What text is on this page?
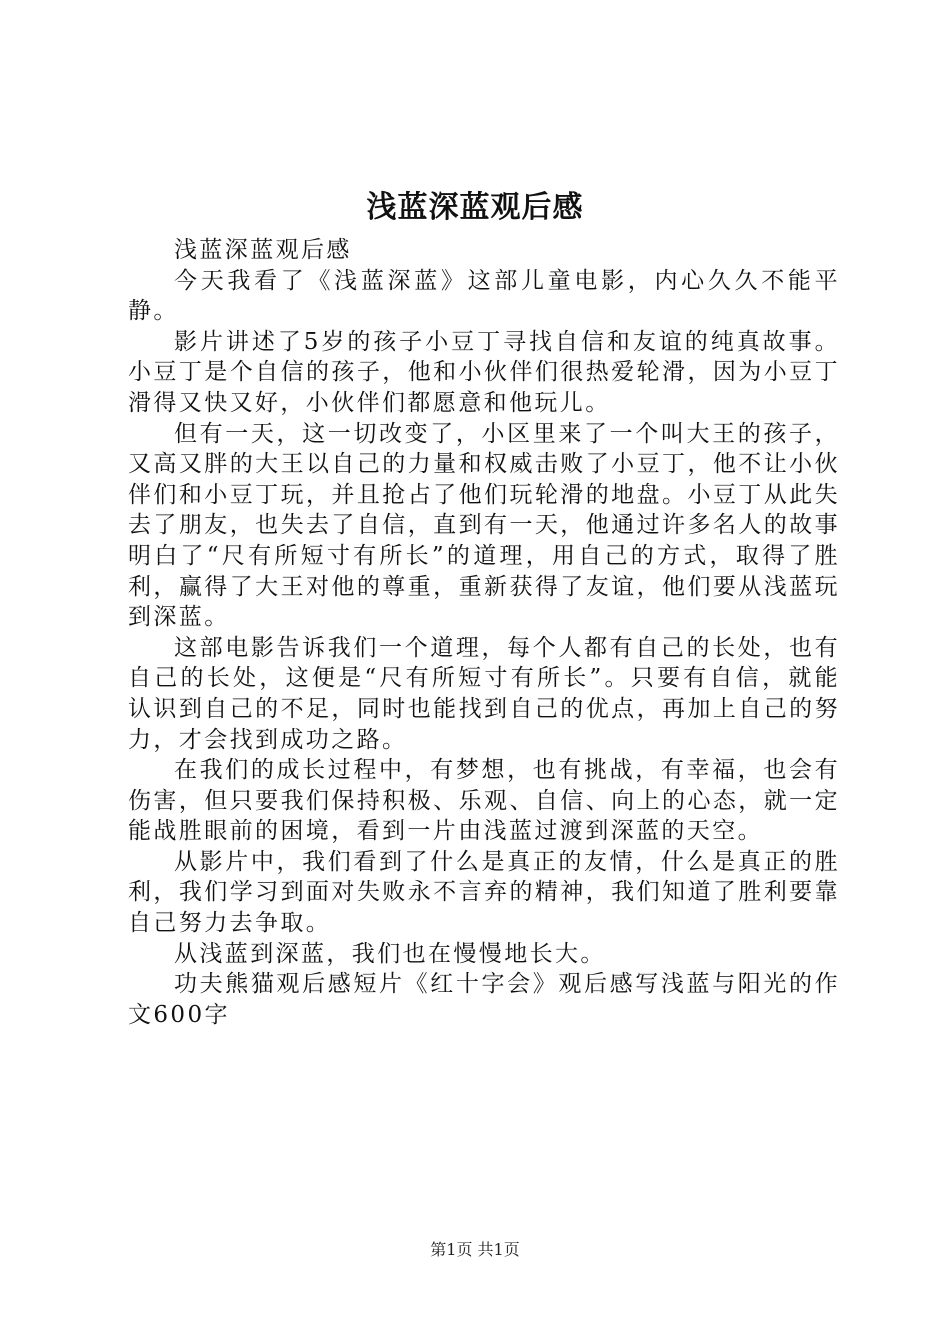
浅蓝深蓝观后感

浅蓝深蓝观后感

今天我看了《浅蓝深蓝》这部儿童电影，内心久久不能平静。

影片讲述了5岁的孩子小豆丁寻找自信和友谊的纯真故事。小豆丁是个自信的孩子，他和小伙伴们很热爱轮滑，因为小豆丁滑得又快又好，小伙伴们都愿意和他玩儿。

但有一天，这一切改变了，小区里来了一个叫大王的孩子，又高又胖的大王以自己的力量和权威击败了小豆丁，他不让小伙伴们和小豆丁玩，并且抢占了他们玩轮滑的地盘。小豆丁从此失去了朋友，也失去了自信，直到有一天，他通过许多名人的故事明白了“尺有所短寸有所长”的道理，用自己的方式，取得了胜利，赢得了大王对他的尊重，重新获得了友谊，他们要从浅蓝玩到深蓝。

这部电影告诉我们一个道理，每个人都有自己的长处，也有自己的长处，这便是“尺有所短寸有所长”。只要有自信，就能认识到自己的不足，同时也能找到自己的优点，再加上自己的努力，才会找到成功之路。

在我们的成长过程中，有梦想，也有挑战，有幸福，也会有伤害，但只要我们保持积极、乐观、自信、向上的心态，就一定能战胜眼前的困境，看到一片由浅蓝过渡到深蓝的天空。

从影片中，我们看到了什么是真正的友情，什么是真正的胜利，我们学习到面对失败永不言弃的精神，我们知道了胜利要靠自己努力去争取。

从浅蓝到深蓝，我们也在慢慢地长大。

功夫熊猫观后感短片《红十字会》观后感写浅蓝与阳光的作文600字

第1页 共1页
